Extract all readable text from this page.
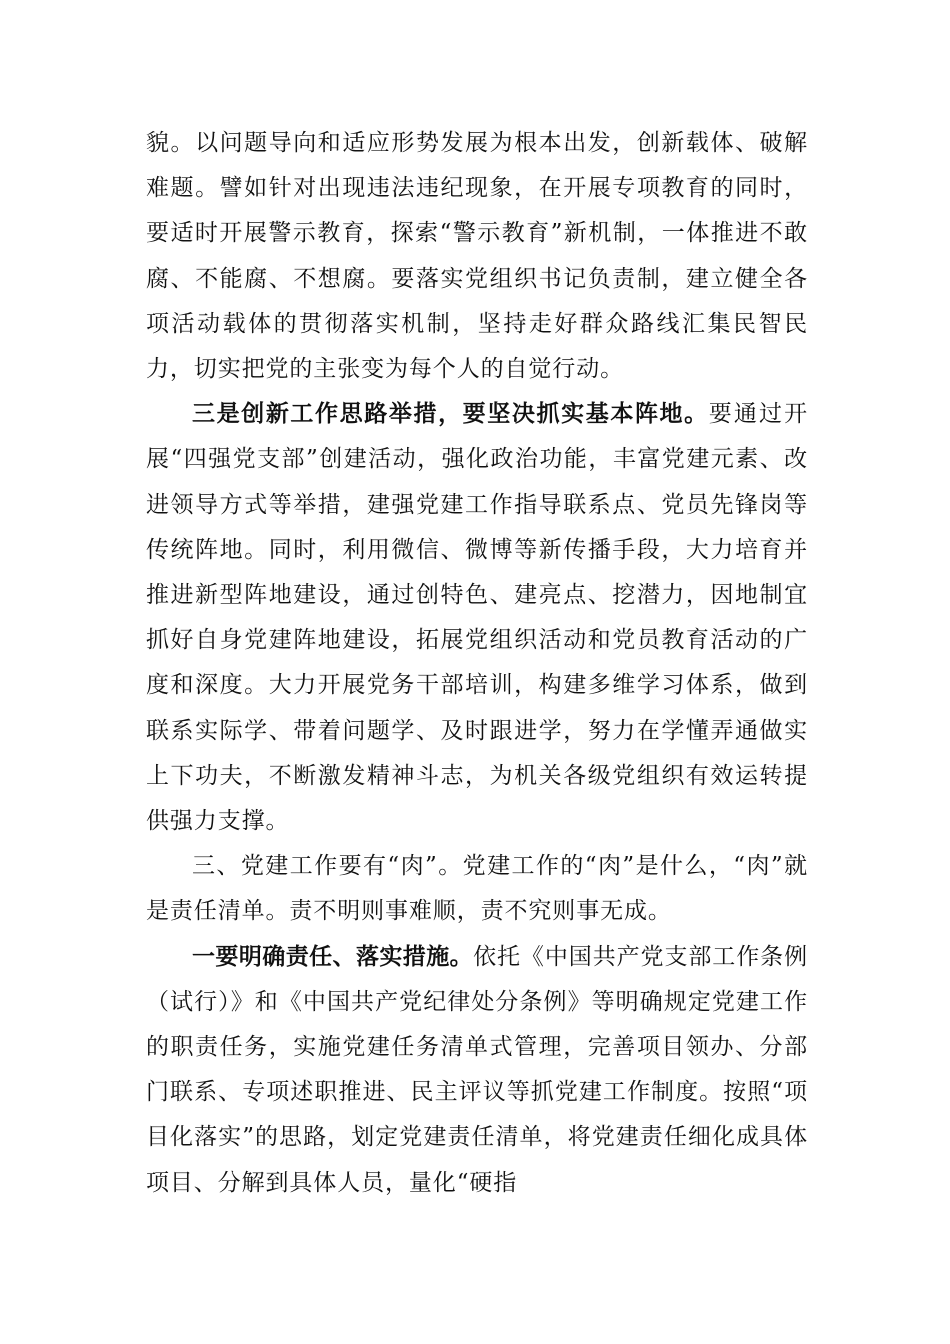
貌。以问题导向和适应形势发展为根本出发，创新载体、破解难题。譬如针对出现违法违纪现象，在开展专项教育的同时，要适时开展警示教育，探索“警示教育”新机制，一体推进不敢腐、不能腐、不想腐。要落实党组织书记负责制，建立健全各项活动载体的贯彻落实机制，坚持走好群众路线汇集民智民力，切实把党的主张变为每个人的自觉行动。

三是创新工作思路举措，要坚决抓实基本阵地。要通过开展“四强党支部”创建活动，强化政治功能，丰富党建元素、改进领导方式等举措，建强党建工作指导联系点、党员先锋岗等传统阵地。同时，利用微信、微博等新传播手段，大力培育并推进新型阵地建设，通过创特色、建亮点、挖潜力，因地制宜抓好自身党建阵地建设，拓展党组织活动和党员教育活动的广度和深度。大力开展党务干部培训，构建多维学习体系，做到联系实际学、带着问题学、及时跟进学，努力在学懂弄通做实上下功夫，不断激发精神斗志，为机关各级党组织有效运转提供强力支撑。

三、党建工作要有“肉”。党建工作的“肉”是什么，“肉”就是责任清单。责不明则事难顺，责不究则事无成。

一要明确责任、落实措施。依托《中国共产党支部工作条例（试行）》和《中国共产党纪律处分条例》等明确规定党建工作的职责任务，实施党建任务清单式管理，完善项目领办、分部门联系、专项述职推进、民主评议等抓党建工作制度。按照“项目化落实”的思路，划定党建责任清单，将党建责任细化成具体项目、分解到具体人员，量化“硬指
